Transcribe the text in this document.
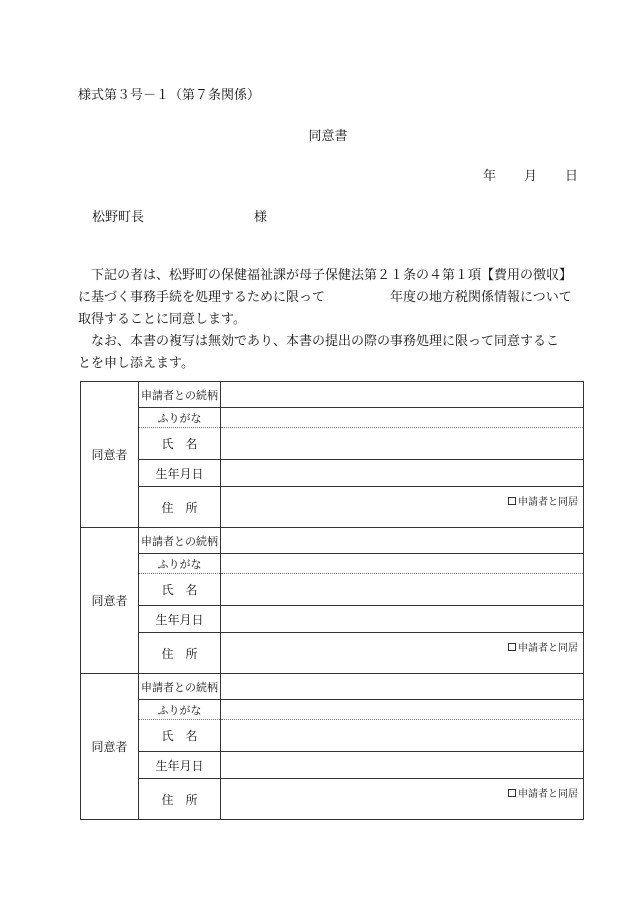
様式第３号－１（第７条関係）
同意書
年 月 日
松野町長	様
　下記の者は、松野町の保健福祉課が母子保健法第２１条の４第１項【費用の徴収】
に基づく事務手続を処理するために限って　　　　　年度の地方税関係情報について
取得することに同意します。
　なお、本書の複写は無効であり、本書の提出の際の事務処理に限って同意するこ
とを申し添えます。
同意者	申請者との続柄	
	ふりがな	
	氏　名	
	生年月日	
	住　所	申請者と同居

同意者	申請者との続柄	
	ふりがな	
	氏　名	
	生年月日	
	住　所	申請者と同居

同意者	申請者との続柄	
	ふりがな	
	氏　名	
	生年月日	
	住　所	申請者と同居
